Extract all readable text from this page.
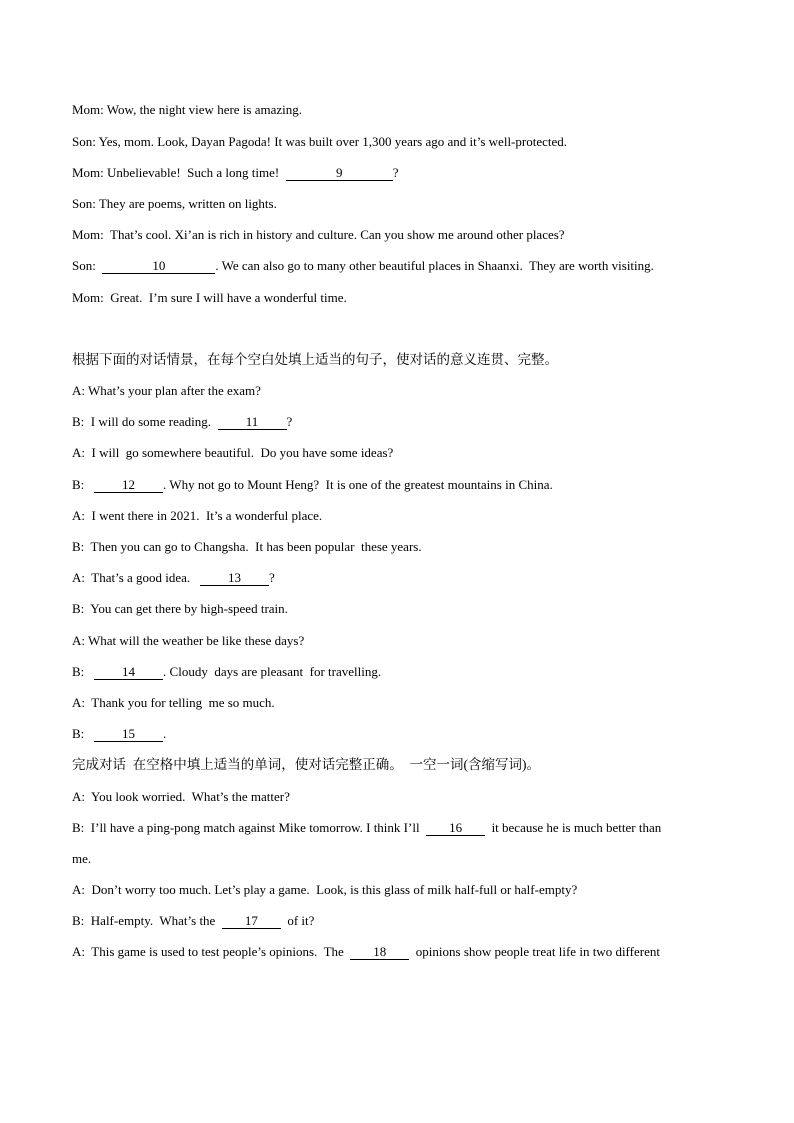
Mom: Wow, the night view here is amazing.
Son: Yes, mom. Look, Dayan Pagoda! It was built over 1,300 years ago and it’s well-protected.
Mom: Unbelievable!  Such a long time!	9	?
Son: They are poems, written on lights.
Mom:  That’s cool. Xi’an is rich in history and culture. Can you show me around other places?
Son:	10	. We can also go to many other beautiful places in Shaanxi.  They are worth visiting.
Mom:  Great.  I’m sure I will have a wonderful time.
根据下面的对话情景，在每个空白处填上适当的句子，使对话的意义连贯、完整。
A: What’s your plan after the exam?
B:  I will do some reading.  11 ?
A:  I will  go somewhere beautiful.  Do you have some ideas?
B:   12 . Why not go to Mount Heng?  It is one of the greatest mountains in China.
A:  I went there in 2021.  It’s a wonderful place.
B:  Then you can go to Changsha.  It has been popular  these years.
A:  That’s a good idea.   13 ?
B:  You can get there by high-speed train.
A: What will the weather be like these days?
B:   14 . Cloudy  days are pleasant  for travelling.
A:  Thank you for telling  me so much.
B:   15 .
完成对话  在空格中填上适当的单词，使对话完整正确。  一空一词(含缩写词)。
A:  You look worried.  What’s the matter?
B:  I’ll have a ping-pong match against Mike tomorrow. I think I’ll  16  it because he is much better than
me.
A:  Don’t worry too much. Let’s play a game.  Look, is this glass of milk half-full or half-empty?
B:  Half-empty.  What’s the  17  of it?
A:  This game is used to test people’s opinions.  The  18  opinions show people treat life in two different
